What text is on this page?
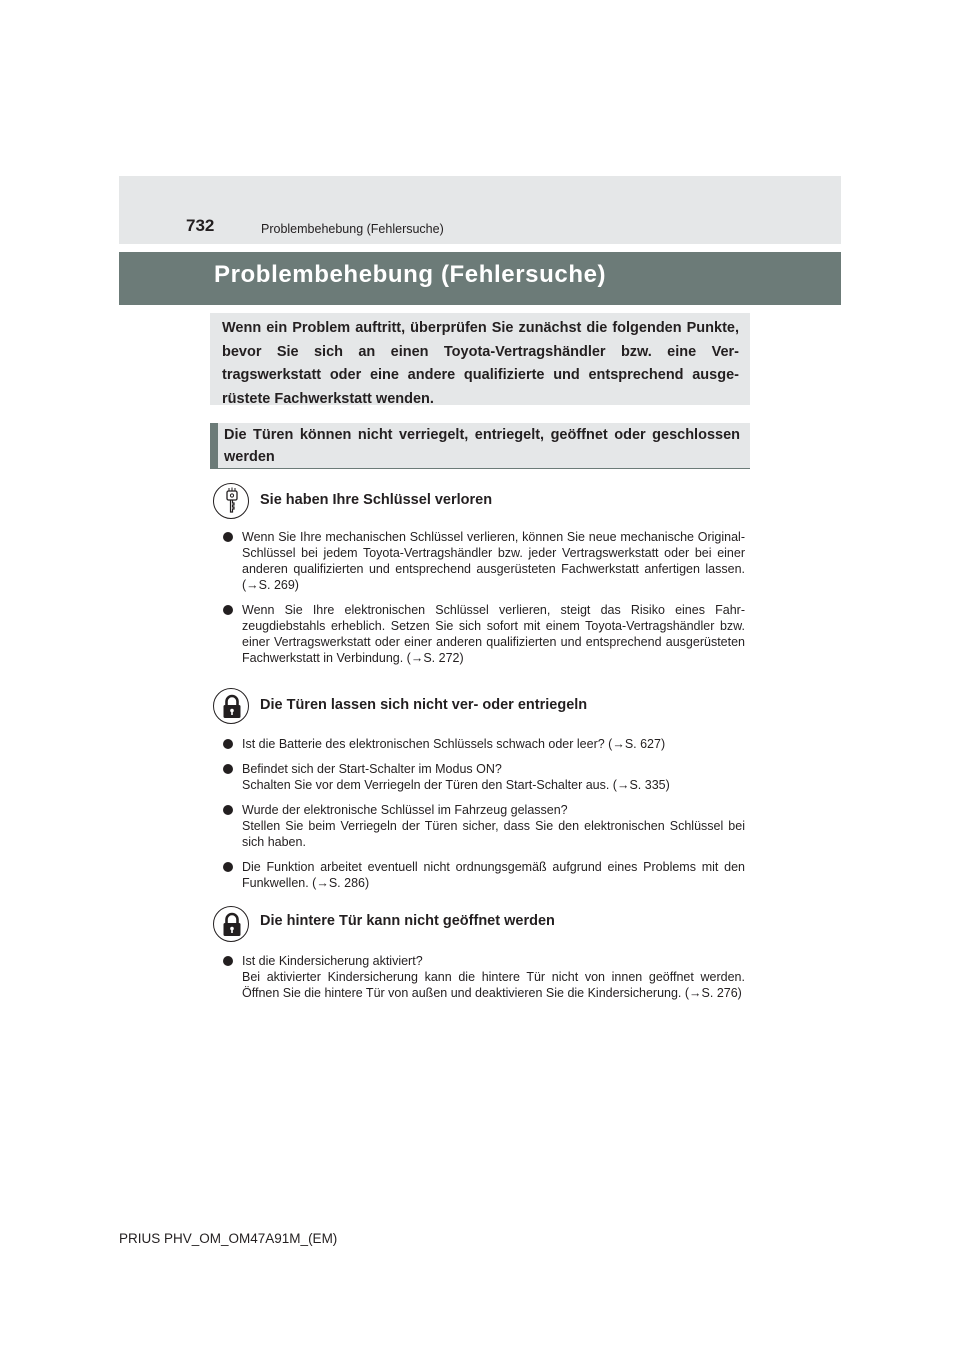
732	Problembehebung (Fehlersuche)
Problembehebung (Fehlersuche)
Wenn ein Problem auftritt, überprüfen Sie zunächst die folgenden Punkte, bevor Sie sich an einen Toyota-Vertragshändler bzw. eine Vertragswerkstatt oder eine andere qualifizierte und entsprechend ausgerüstete Fachwerkstatt wenden.
Die Türen können nicht verriegelt, entriegelt, geöffnet oder geschlossen werden
Sie haben Ihre Schlüssel verloren
Wenn Sie Ihre mechanischen Schlüssel verlieren, können Sie neue mechanische Original-Schlüssel bei jedem Toyota-Vertragshändler bzw. jeder Vertragswerkstatt oder bei einer anderen qualifizierten und entsprechend ausgerüsteten Fachwerkstatt anfertigen lassen. (→S. 269)
Wenn Sie Ihre elektronischen Schlüssel verlieren, steigt das Risiko eines Fahrzeugdiebstahls erheblich. Setzen Sie sich sofort mit einem Toyota-Vertragshändler bzw. einer Vertragswerkstatt oder einer anderen qualifizierten und entsprechend ausgerüsteten Fachwerkstatt in Verbindung. (→S. 272)
Die Türen lassen sich nicht ver- oder entriegeln
Ist die Batterie des elektronischen Schlüssels schwach oder leer? (→S. 627)
Befindet sich der Start-Schalter im Modus ON?
Schalten Sie vor dem Verriegeln der Türen den Start-Schalter aus. (→S. 335)
Wurde der elektronische Schlüssel im Fahrzeug gelassen?
Stellen Sie beim Verriegeln der Türen sicher, dass Sie den elektronischen Schlüssel bei sich haben.
Die Funktion arbeitet eventuell nicht ordnungsgemäß aufgrund eines Problems mit den Funkwellen. (→S. 286)
Die hintere Tür kann nicht geöffnet werden
Ist die Kindersicherung aktiviert?
Bei aktivierter Kindersicherung kann die hintere Tür nicht von innen geöffnet werden. Öffnen Sie die hintere Tür von außen und deaktivieren Sie die Kindersicherung. (→S. 276)
PRIUS PHV_OM_OM47A91M_(EM)
